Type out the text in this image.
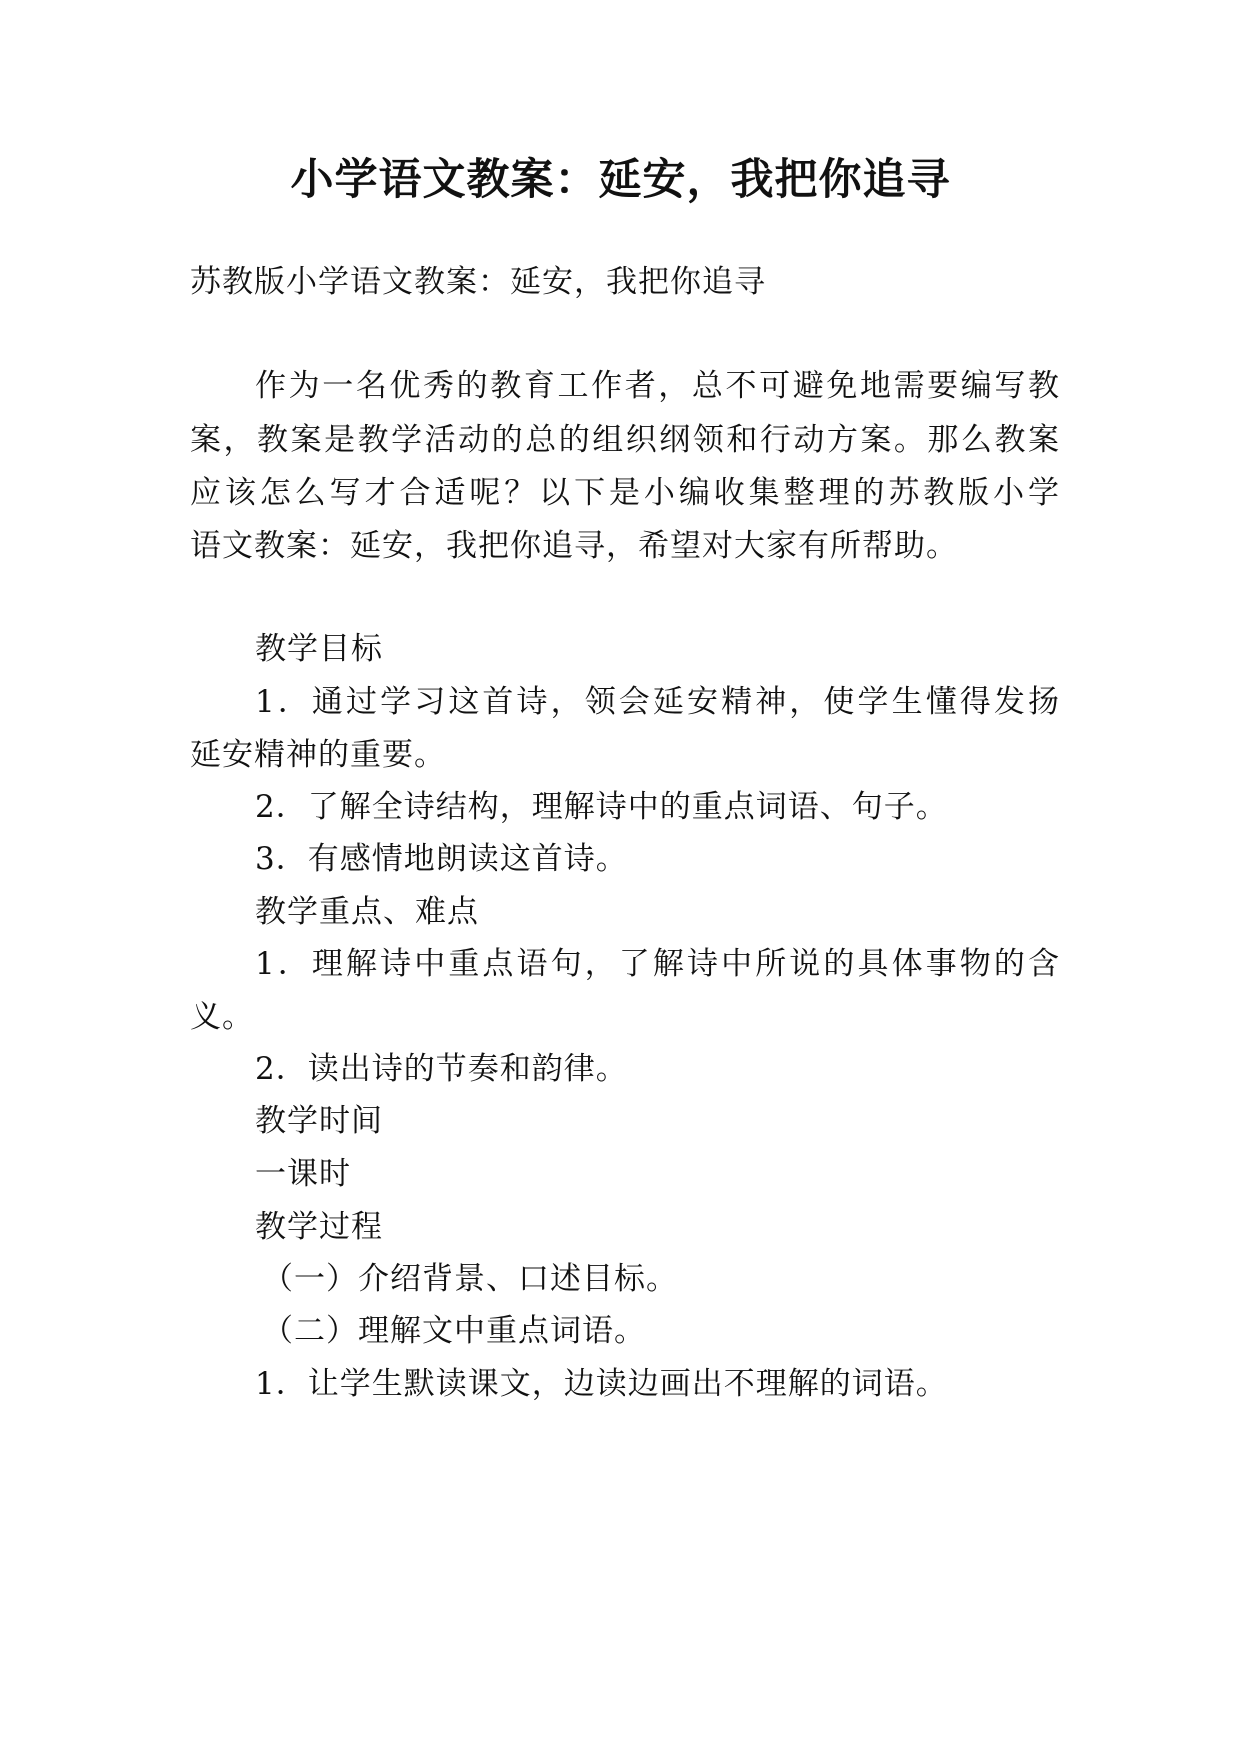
小学语文教案：延安，我把你追寻

苏教版小学语文教案：延安，我把你追寻

作为一名优秀的教育工作者，总不可避免地需要编写教

案，教案是教学活动的总的组织纲领和行动方案。那么教案

应该怎么写才合适呢？以下是小编收集整理的苏教版小学

语文教案：延安，我把你追寻，希望对大家有所帮助。

教学目标

1．通过学习这首诗，领会延安精神，使学生懂得发扬

延安精神的重要。

2．了解全诗结构，理解诗中的重点词语、句子。

3．有感情地朗读这首诗。

教学重点、难点

1．理解诗中重点语句，了解诗中所说的具体事物的含

义。

2．读出诗的节奏和韵律。

教学时间

一课时

教学过程

（一）介绍背景、口述目标。

（二）理解文中重点词语。

1．让学生默读课文，边读边画出不理解的词语。
